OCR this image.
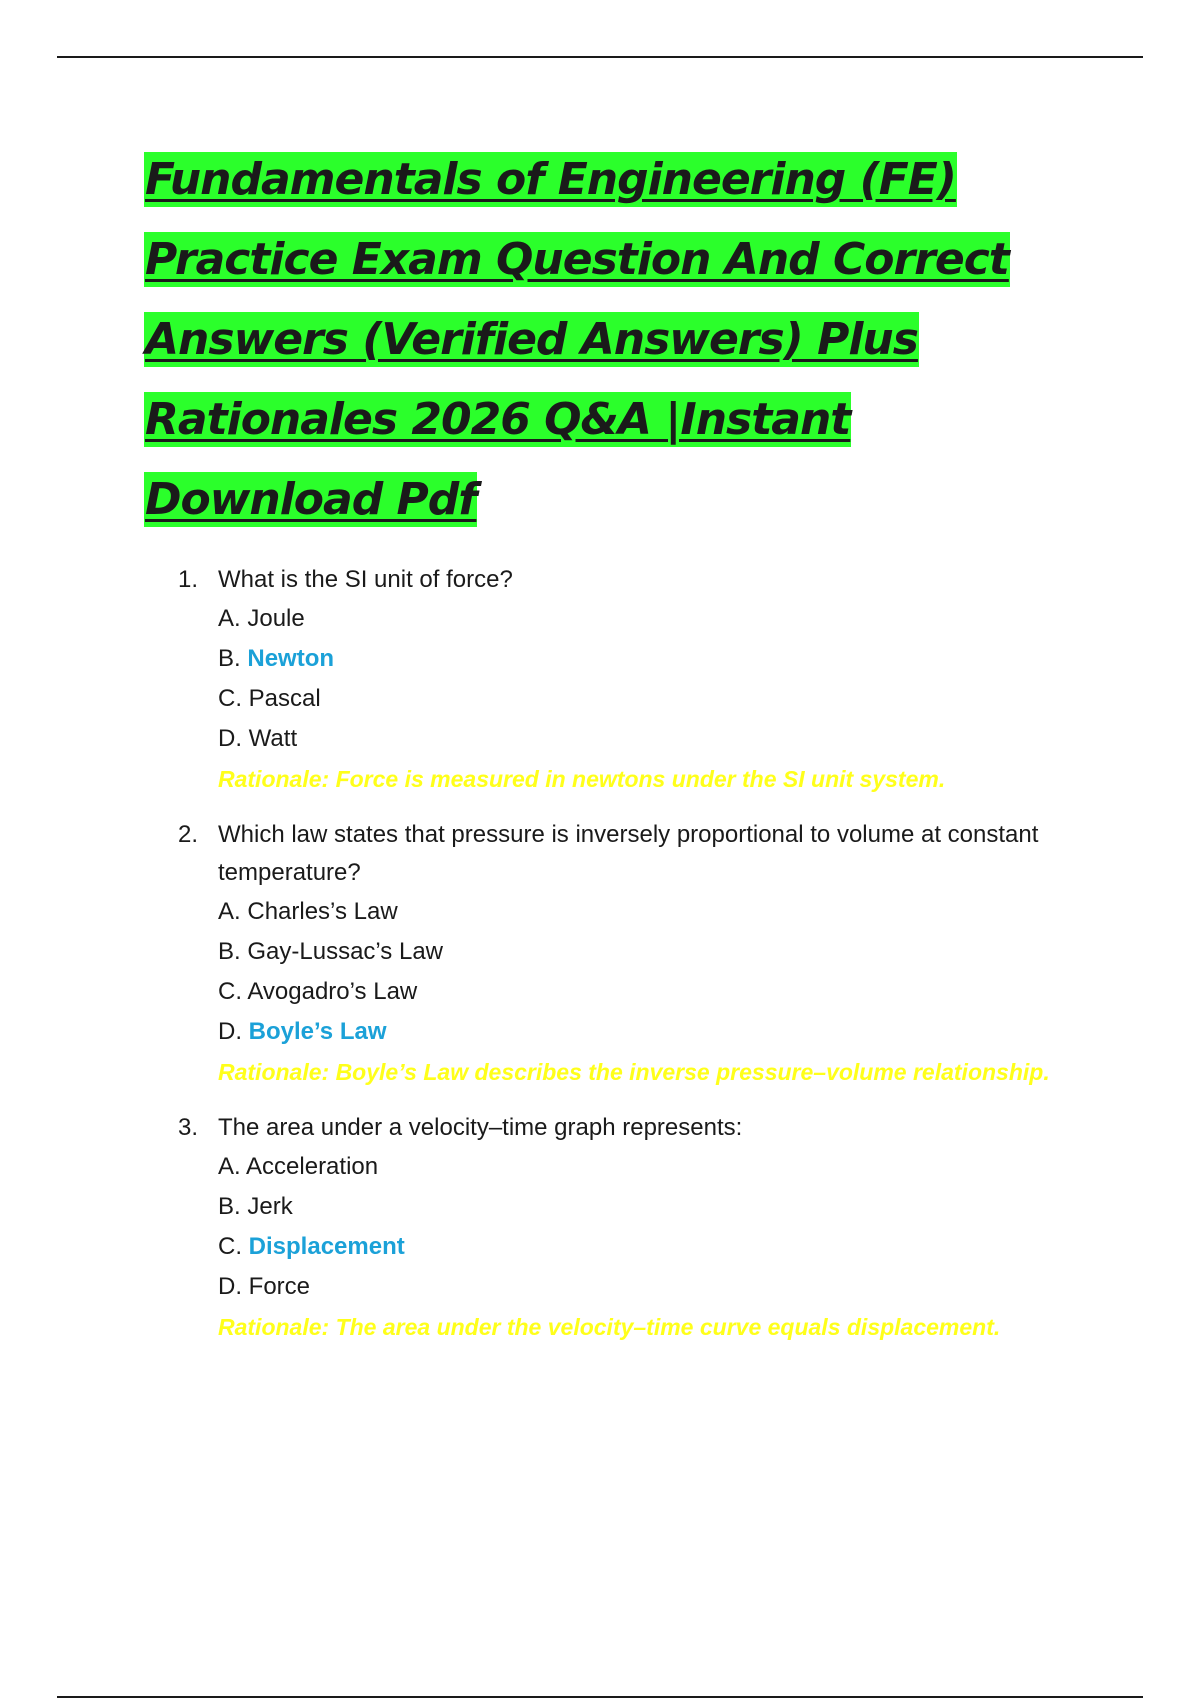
Fundamentals of Engineering (FE)
Practice Exam Question And Correct
Answers (Verified Answers) Plus
Rationales 2026 Q&A |Instant
Download Pdf
1. What is the SI unit of force?
A. Joule
B. Newton
C. Pascal
D. Watt
Rationale: Force is measured in newtons under the SI unit system.
2. Which law states that pressure is inversely proportional to volume at constant temperature?
A. Charles’s Law
B. Gay-Lussac’s Law
C. Avogadro’s Law
D. Boyle’s Law
Rationale: Boyle’s Law describes the inverse pressure–volume relationship.
3. The area under a velocity–time graph represents:
A. Acceleration
B. Jerk
C. Displacement
D. Force
Rationale: The area under the velocity–time curve equals displacement.
